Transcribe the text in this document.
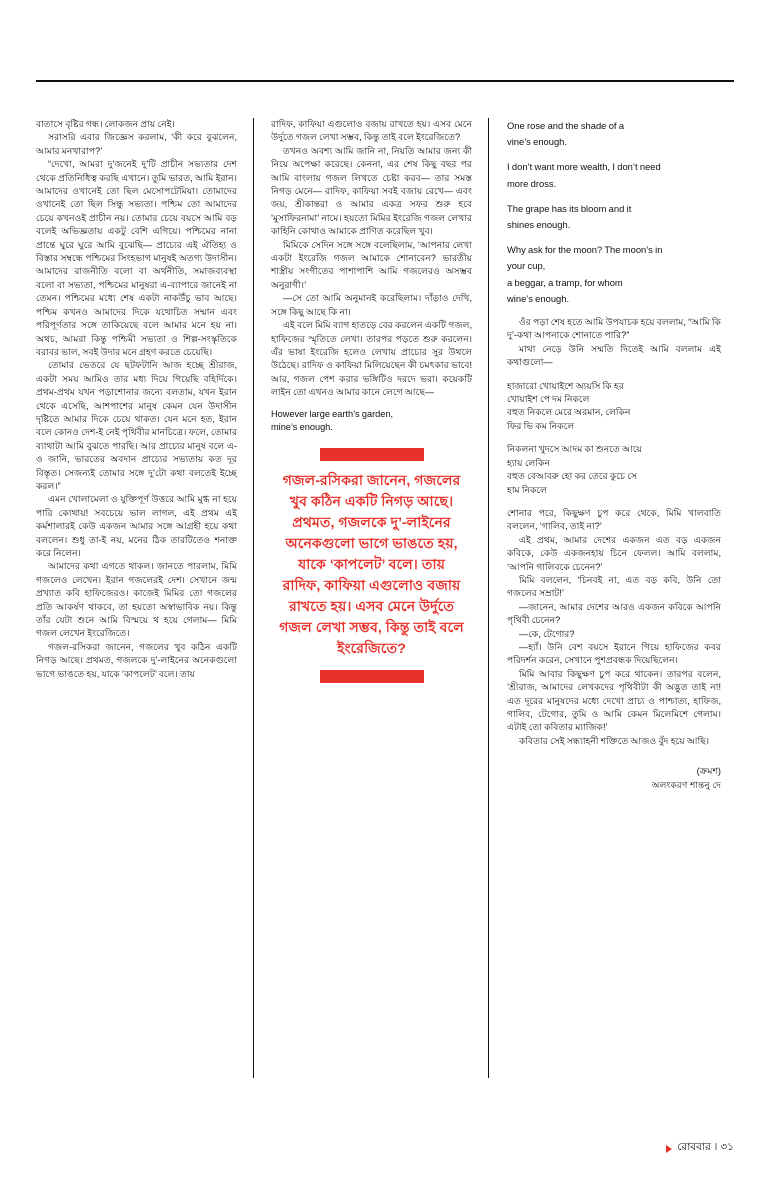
বাতাসে বৃষ্টির গন্ধ। লোকজন প্রায় নেই।

সরাসরি এবার জিজ্ঞেস করলাম, ‘কী করে বুঝলেন, আমার মনখারাপ?’

“দেখো, আমরা দু’জনেই দু’টি প্রাচীন সভ্যতার দেশ থেকে প্রতিনিধিত্ব করছি এখানে। তুমি ভারত, আমি ইরান। আমাদের ওখানেই তো ছিল মেসোপটেমিয়া। তোমাদের ওখানেই তো ছিল সিন্ধু সভ্যতা। পশ্চিম তো আমাদের চেয়ে কখনওই প্রাচীন নয়। তোমার চেয়ে বয়সে আমি বড় বলেই অভিজ্ঞতায় একটু বেশি এগিয়ে। পশ্চিমের নানা প্রান্তে ঘুরে ঘুরে আমি বুঝেছি— প্রাচ্যের এই ঐতিহ্য ও বিস্তার সম্বন্ধে পশ্চিমের সিংহভাগ মানুষই অতগ্য উদাসীন। আমাদের রাজনীতি বলো বা অর্থনীতি, সমাজব্যবস্থা বলো বা সভ্যতা, পশ্চিমের মানুষরা এ-ব্যাপারে জানেই না তেমন। পশ্চিমের মধ্যে শেষ একটা নাকউঁচু ভাব আছে। পশ্চিম কখনও আমাদের দিকে যথোচিত সম্মান এবং পরিপূর্ণতার সঙ্গে তাকিয়েছে বলে আমার মনে হয় না। অথচ, আমরা কিন্তু পশ্চিমী সভ্যতা ও শিল্প-সংস্কৃতিকে বরাবর ভাল, সবই উদার মনে গ্রহণ করতে চেয়েছি।

তোমার ভেতরে যে ছটফটানি আজ হচ্ছে শ্রীরাজ, একটা সময় আমিও তার মধ্য দিয়ে গিয়েছি বহির্দিকে। প্রথম-প্রথম যখন পড়াশোনার জন্যে বলতাম, যখন ইরান থেকে এসেছি, আশপাশের মানুষ কেমন যেন উদাসীন দৃষ্টিতে আমার দিকে চেয়ে থাকত। যেন মনে হত, ইরান বলে কোনও দেশ-ই নেই পৃথিবীর মানচিত্রে। ফলে, তোমার ব্যাথাটা আমি বুঝতে পারছি। আর প্রাচ্যের মানুষ বলে এ-ও জানি, ভারতের অবদান প্রাচ্যের সভ্যতায় কত দূর বিস্তৃত। সেজন্যই তোমার সঙ্গে দু’টো কথা বলতেই ইচ্ছে করল।”

এমন খোলামেলা ও যুক্তিপূর্ণ উত্তরে আমি মুগ্ধ না হয়ে পারি কোথায়! সবচেয়ে ভাল লাগল, এই প্রথম এই কর্মশালারই কেউ একজন আমার সঙ্গে আগ্রহী হয়ে কথা বললেন। শুধু তা-ই নয়, মনের ঠিক তারটিতেও শনাক্ত করে নিলেন।

আমাদের কথা এগতে থাকল। জানতে পারলাম, মিমি গজলেও লেখেন। ইরান গজলেরই দেশ। সেখানে জন্ম প্রখ্যাত কবি হাফিজেরও। কাজেই মিমির তো গজলের প্রতি আকর্ষণ থাকবে, তা হয়তো অস্বাভাবিক নয়। কিন্তু তাঁর যেটা শুনে আমি বিস্ময়ে থ হয়ে গেলাম— মিমি গজল লেখেন ইংরেজিতে।

গজল-রসিকরা জানেন, গজলের খুব কঠিন একটি নিগড় আছে। প্রথমত, গজলকে দু’-লাইনের অনেকগুলো ভাগে ভাঙতে হয়, যাকে ‘কাপলেট’ বলে। তায়

রাদিফ, কাফিয়া এগুলোও বজায় রাখতে হয়। এসব মেনে উর্দুতে গজল লেখা সম্ভব, কিন্তু তাই বলে ইংরেজিতে?

তখনও অবশ্য আমি জানি না, নিয়তি আমার জন্য কী নিয়ে অপেক্ষা করেছে। কেননা, এর শেষ কিছু বছর পর আমি বাংলায় গজল লিখতে চেষ্টা করব— তার সমস্ত নিগড় মেনে— রাদিফ, কাফিয়া সবই বজায় রেখে— এবং জয়, শ্রীকান্তরা ও আমার একত্র সফর শুরু হবে ‘মুসাফিরনামা’ নামে। হয়তো মিমির ইংরেজি গজল লেখার কাহিনি কোথাও আমাকে প্রাণিত করেছিল খুব।

মিমিকে সেদিন সঙ্গে সঙ্গে বলেছিলাম, ‘আপনার লেখা একটা ইংরেজি গজল আমাকে শোনাবেন? ভারতীয় শাস্ত্রীয় সংগীতের পাশাপাশি আমি গজলেরও অসম্ভব অনুরাগী।’

—সে তো আমি অনুমানই করেছিলাম। দাঁড়াও দেখি, সঙ্গে কিছু আছে কি না।

এই বলে মিমি ব্যাগ হাতড়ে বের করলেন একটি গজল, হাফিজের স্মৃতিতে লেখা। তারপর পড়তে শুরু করলেন। এঁর ভাষা ইংরেজি হলেও লেখায় প্রাচ্যের সুর উথলে উঠেছে। রাদিফ ও কাফিয়া মিলিয়েছেন কী চমৎকার ভাবে! আর, গজল পেশ করার ভঙ্গিটিও দরদে ভরা। কয়েকটি লাইন তো এখনও আমার কানে লেগে আছে—

However large earth’s garden,

mine’s enough.

গজল-রসিকরা জানেন, গজলের খুব কঠিন একটি নিগড় আছে। প্রথমত, গজলকে দু’-লাইনের অনেকগুলো ভাগে ভাঙতে হয়, যাকে ‘কাপলেট’ বলে। তায় রাদিফ, কাফিয়া এগুলোও বজায় রাখতে হয়। এসব মেনে উর্দুতে গজল লেখা সম্ভব, কিন্তু তাই বলে ইংরেজিতে?

One rose and the shade of a

vine’s enough.

I don’t want more wealth, I don’t need

more dross.

The grape has its bloom and it

shines enough.

Why ask for the moon? The moon’s in

your cup,

a beggar, a tramp, for whom

wine’s enough.

ওঁর পড়া শেষ হতে আমি উপযাচক হয়ে বললাম, “আমি কি দু’-কথা আপনাকে শোনাতে পারি?”

মাথা নেড়ে উনি সম্মতি দিতেই আমি বললাম এই কথাগুলো—

হাজারো খোয়াইশে অ্যয়সি কি হর

খোয়াইশ পে দম নিকলে

বহুত নিকলে মেরে অরমান, লেকিন

ফির ভি কম নিকলে

নিকলনা খুদসে আদম কা শুনতে আয়ে

হ্যায় লেকিন

বহুত বেআবরু হো কর তেরে কুচে সে

হাম নিকলে

শোনার পরে, কিছুক্ষণ চুপ করে থেকে, মিমি খালবাতি বললেন, ‘গালিব, তাই না?’

এই প্রথম, আমার দেশের একজন এত বড় একজন কবিকে, কেউ একজনহায় চিনে ফেলল। আমি বললাম, ‘আপনি গালিবকে চেনেন?’

মিমি বললেন, ‘চিনবই না, এত বড় কবি, উনি তো গজলের সম্রাট!’

—জানেন, আমার দেশের আরও একজন কবিকে আপনি পৃথিবী চেনেন?

—কে, টেগোর?

—হ্যাঁ। উনি বেশ বয়সে ইরানে গিয়ে হাফিজের কবর পরিদর্শন করেন, সেখানে পুশপ্রবন্ধক দিয়েছিলেন।

মিমি আবার কিছুক্ষণ চুপ করে থাকেন। তারপর বলেন, ‘শ্রীরাজ, আমাদের লেখকদের পৃথিবীটা কী অদ্ভুত তাই না! এত দূরের মানুষদের মধ্যে দেখো প্রাচ্য ও পাশ্চাত্য, হাফিজ, গালিব, টেগোর, তুমি ও আমি কেমন মিলেমিশে গেলাম। এটাই তো কবিতার ম্যাজিক!’

কবিতার সেই সন্ধ্যাহনী শক্তিতে আজও বুঁদ হয়ে আছি।

(ক্রমশ)
অলংকরণ শান্তনু দে
রোববার । ৩১
